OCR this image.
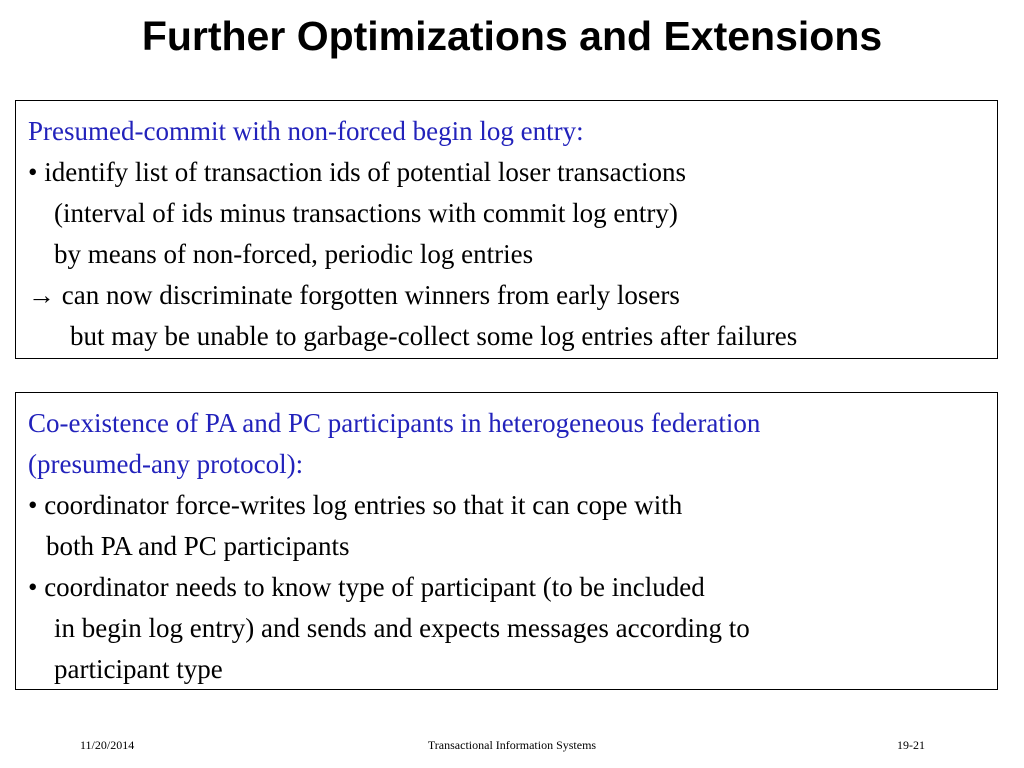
Further Optimizations and Extensions
Presumed-commit with non-forced begin log entry:
• identify list of transaction ids of potential loser transactions
(interval of ids minus transactions with commit log entry)
by means of non-forced, periodic log entries
→ can now discriminate forgotten winners from early losers
but may be unable to garbage-collect some log entries after failures
Co-existence of PA and PC participants in heterogeneous federation
(presumed-any protocol):
• coordinator force-writes log entries so that it can cope with
both PA and PC participants
• coordinator needs to know type of participant (to be included
in begin log entry) and sends and expects messages according to
participant type
11/20/2014	Transactional Information Systems	19-21
